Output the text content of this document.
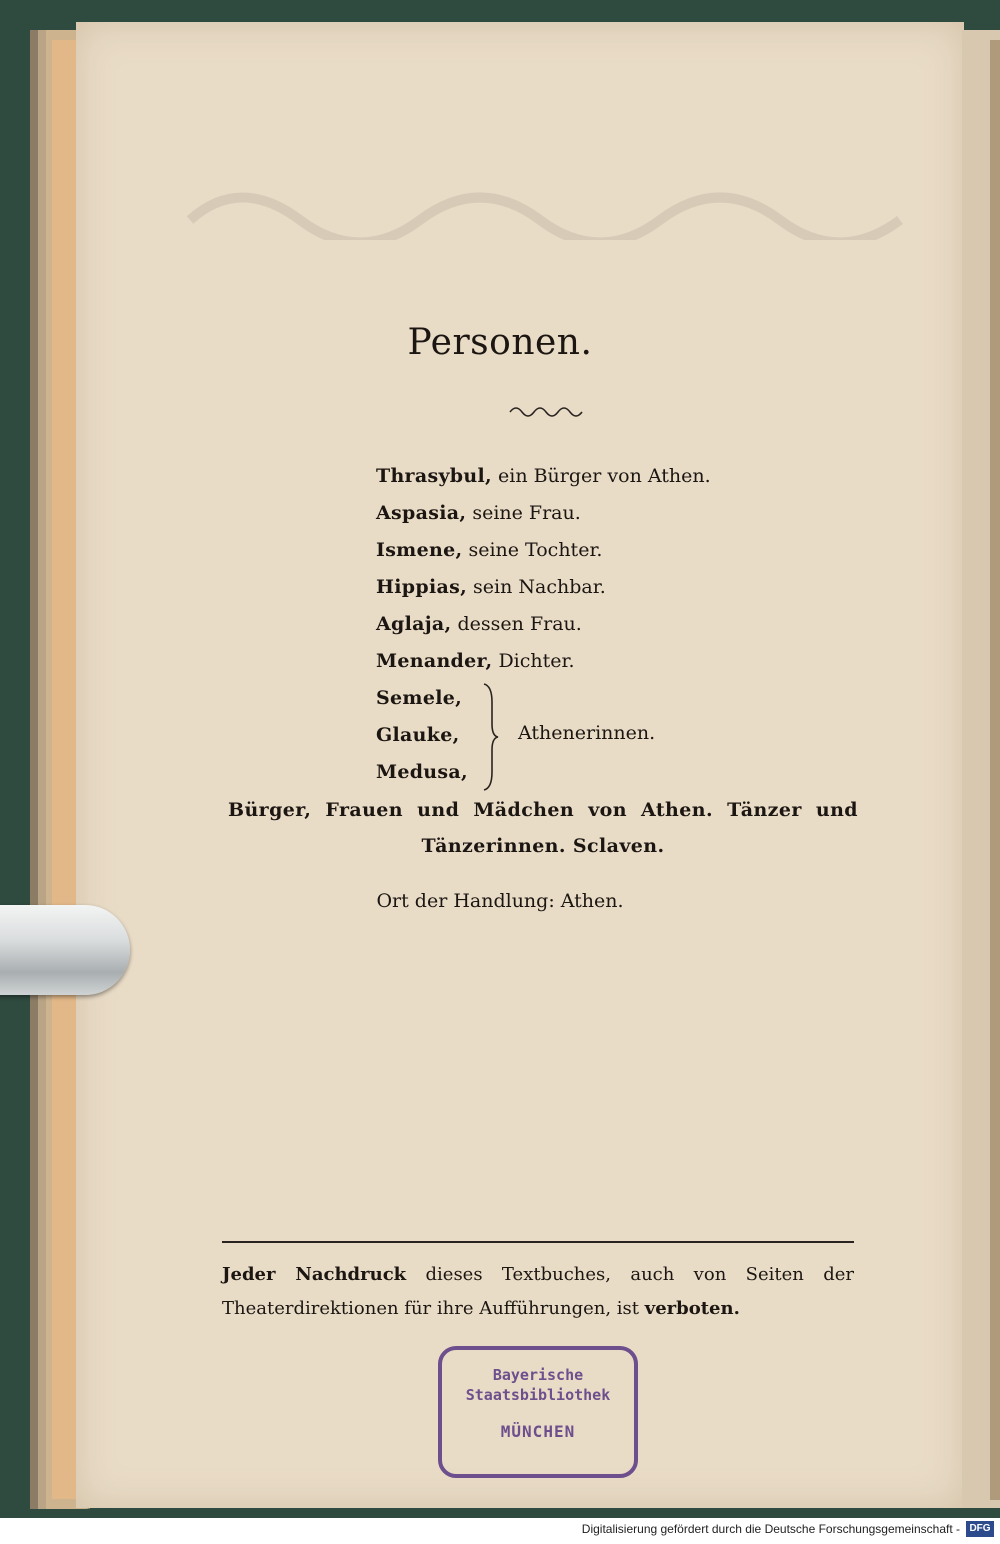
Personen.
Thrasybul, ein Bürger von Athen.
Aspasia, seine Frau.
Ismene, seine Tochter.
Hippias, sein Nachbar.
Aglaja, dessen Frau.
Menander, Dichter.
Semele,
Glauke,
Medusa,
Athenerinnen.
Bürger, Frauen und Mädchen von Athen. Tänzer und
Tänzerinnen. Sclaven.
Ort der Handlung: Athen.
Jeder Nachdruck dieses Textbuches, auch von Seiten der
Theaterdirektionen für ihre Aufführungen, ist verboten.
Bayerische
Staatsbibliothek
MÜNCHEN
Digitalisierung gefördert durch die Deutsche Forschungsgemeinschaft - DFG
